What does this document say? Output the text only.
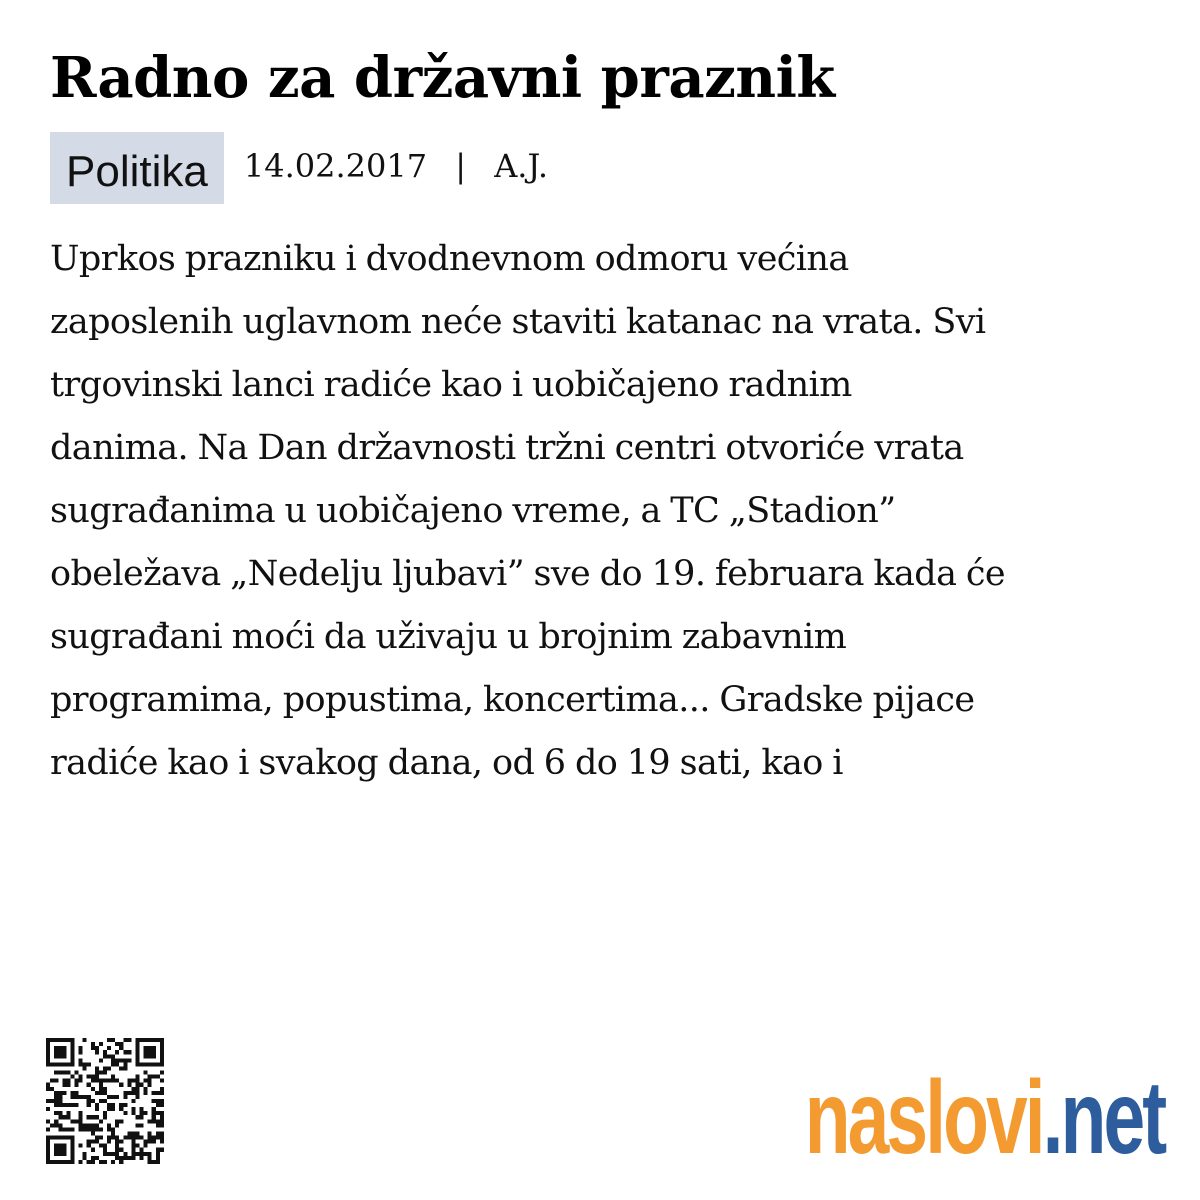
Radno za državni praznik
Politika	14.02.2017 | A.J.
Uprkos prazniku i dvodnevnom odmoru većina
zaposlenih uglavnom neće staviti katanac na vrata. Svi
trgovinski lanci radiće kao i uobičajeno radnim
danima. Na Dan državnosti tržni centri otvoriće vrata
sugrađanima u uobičajeno vreme, a TC „Stadion”
obeležava „Nedelju ljubavi” sve do 19. februara kada će
sugrađani moći da uživaju u brojnim zabavnim
programima, popustima, koncertima... Gradske pijace
radiće kao i svakog dana, od 6 do 19 sati, kao i
naslovi .net
